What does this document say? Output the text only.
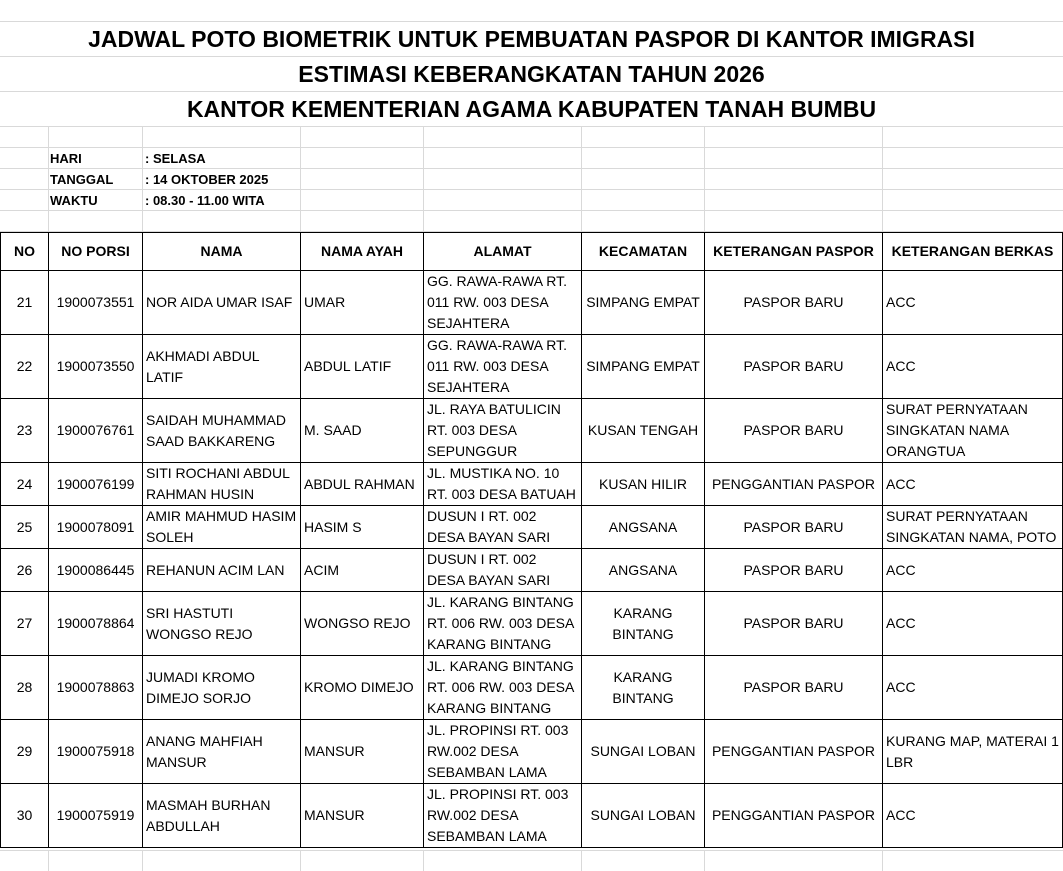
JADWAL POTO BIOMETRIK UNTUK PEMBUATAN PASPOR DI KANTOR IMIGRASI
ESTIMASI KEBERANGKATAN TAHUN 2026
KANTOR KEMENTERIAN AGAMA KABUPATEN TANAH BUMBU
HARI	: SELASA
TANGGAL : 14 OKTOBER 2025
WAKTU	: 08.30 - 11.00 WITA
NO	NO PORSI	NAMA	NAMA AYAH	ALAMAT	KECAMATAN	KETERANGAN PASPOR	KETERANGAN BERKAS
21	1900073551	NOR AIDA UMAR ISAF	UMAR	GG. RAWA-RAWA RT. 011 RW. 003 DESA SEJAHTERA	SIMPANG EMPAT	PASPOR BARU	ACC
22	1900073550	AKHMADI ABDUL LATIF	ABDUL LATIF	GG. RAWA-RAWA RT. 011 RW. 003 DESA SEJAHTERA	SIMPANG EMPAT	PASPOR BARU	ACC
23	1900076761	SAIDAH MUHAMMAD SAAD BAKKARENG	M. SAAD	JL. RAYA BATULICIN RT. 003 DESA SEPUNGGUR	KUSAN TENGAH	PASPOR BARU	SURAT PERNYATAAN SINGKATAN NAMA ORANGTUA
24	1900076199	SITI ROCHANI ABDUL RAHMAN HUSIN	ABDUL RAHMAN	JL. MUSTIKA NO. 10 RT. 003 DESA BATUAH	KUSAN HILIR	PENGGANTIAN PASPOR	ACC
25	1900078091	AMIR MAHMUD HASIM SOLEH	HASIM S	DUSUN I RT. 002 DESA BAYAN SARI	ANGSANA	PASPOR BARU	SURAT PERNYATAAN SINGKATAN NAMA, POTO
26	1900086445	REHANUN ACIM LAN	ACIM	DUSUN I RT. 002 DESA BAYAN SARI	ANGSANA	PASPOR BARU	ACC
27	1900078864	SRI HASTUTI WONGSO REJO	WONGSO REJO	JL. KARANG BINTANG RT. 006 RW. 003 DESA KARANG BINTANG	KARANG BINTANG	PASPOR BARU	ACC
28	1900078863	JUMADI KROMO DIMEJO SORJO	KROMO DIMEJO	JL. KARANG BINTANG RT. 006 RW. 003 DESA KARANG BINTANG	KARANG BINTANG	PASPOR BARU	ACC
29	1900075918	ANANG MAHFIAH MANSUR	MANSUR	JL. PROPINSI RT. 003 RW.002 DESA SEBAMBAN LAMA	SUNGAI LOBAN	PENGGANTIAN PASPOR	KURANG MAP, MATERAI 1 LBR
30	1900075919	MASMAH BURHAN ABDULLAH	MANSUR	JL. PROPINSI RT. 003 RW.002 DESA SEBAMBAN LAMA	SUNGAI LOBAN	PENGGANTIAN PASPOR	ACC
